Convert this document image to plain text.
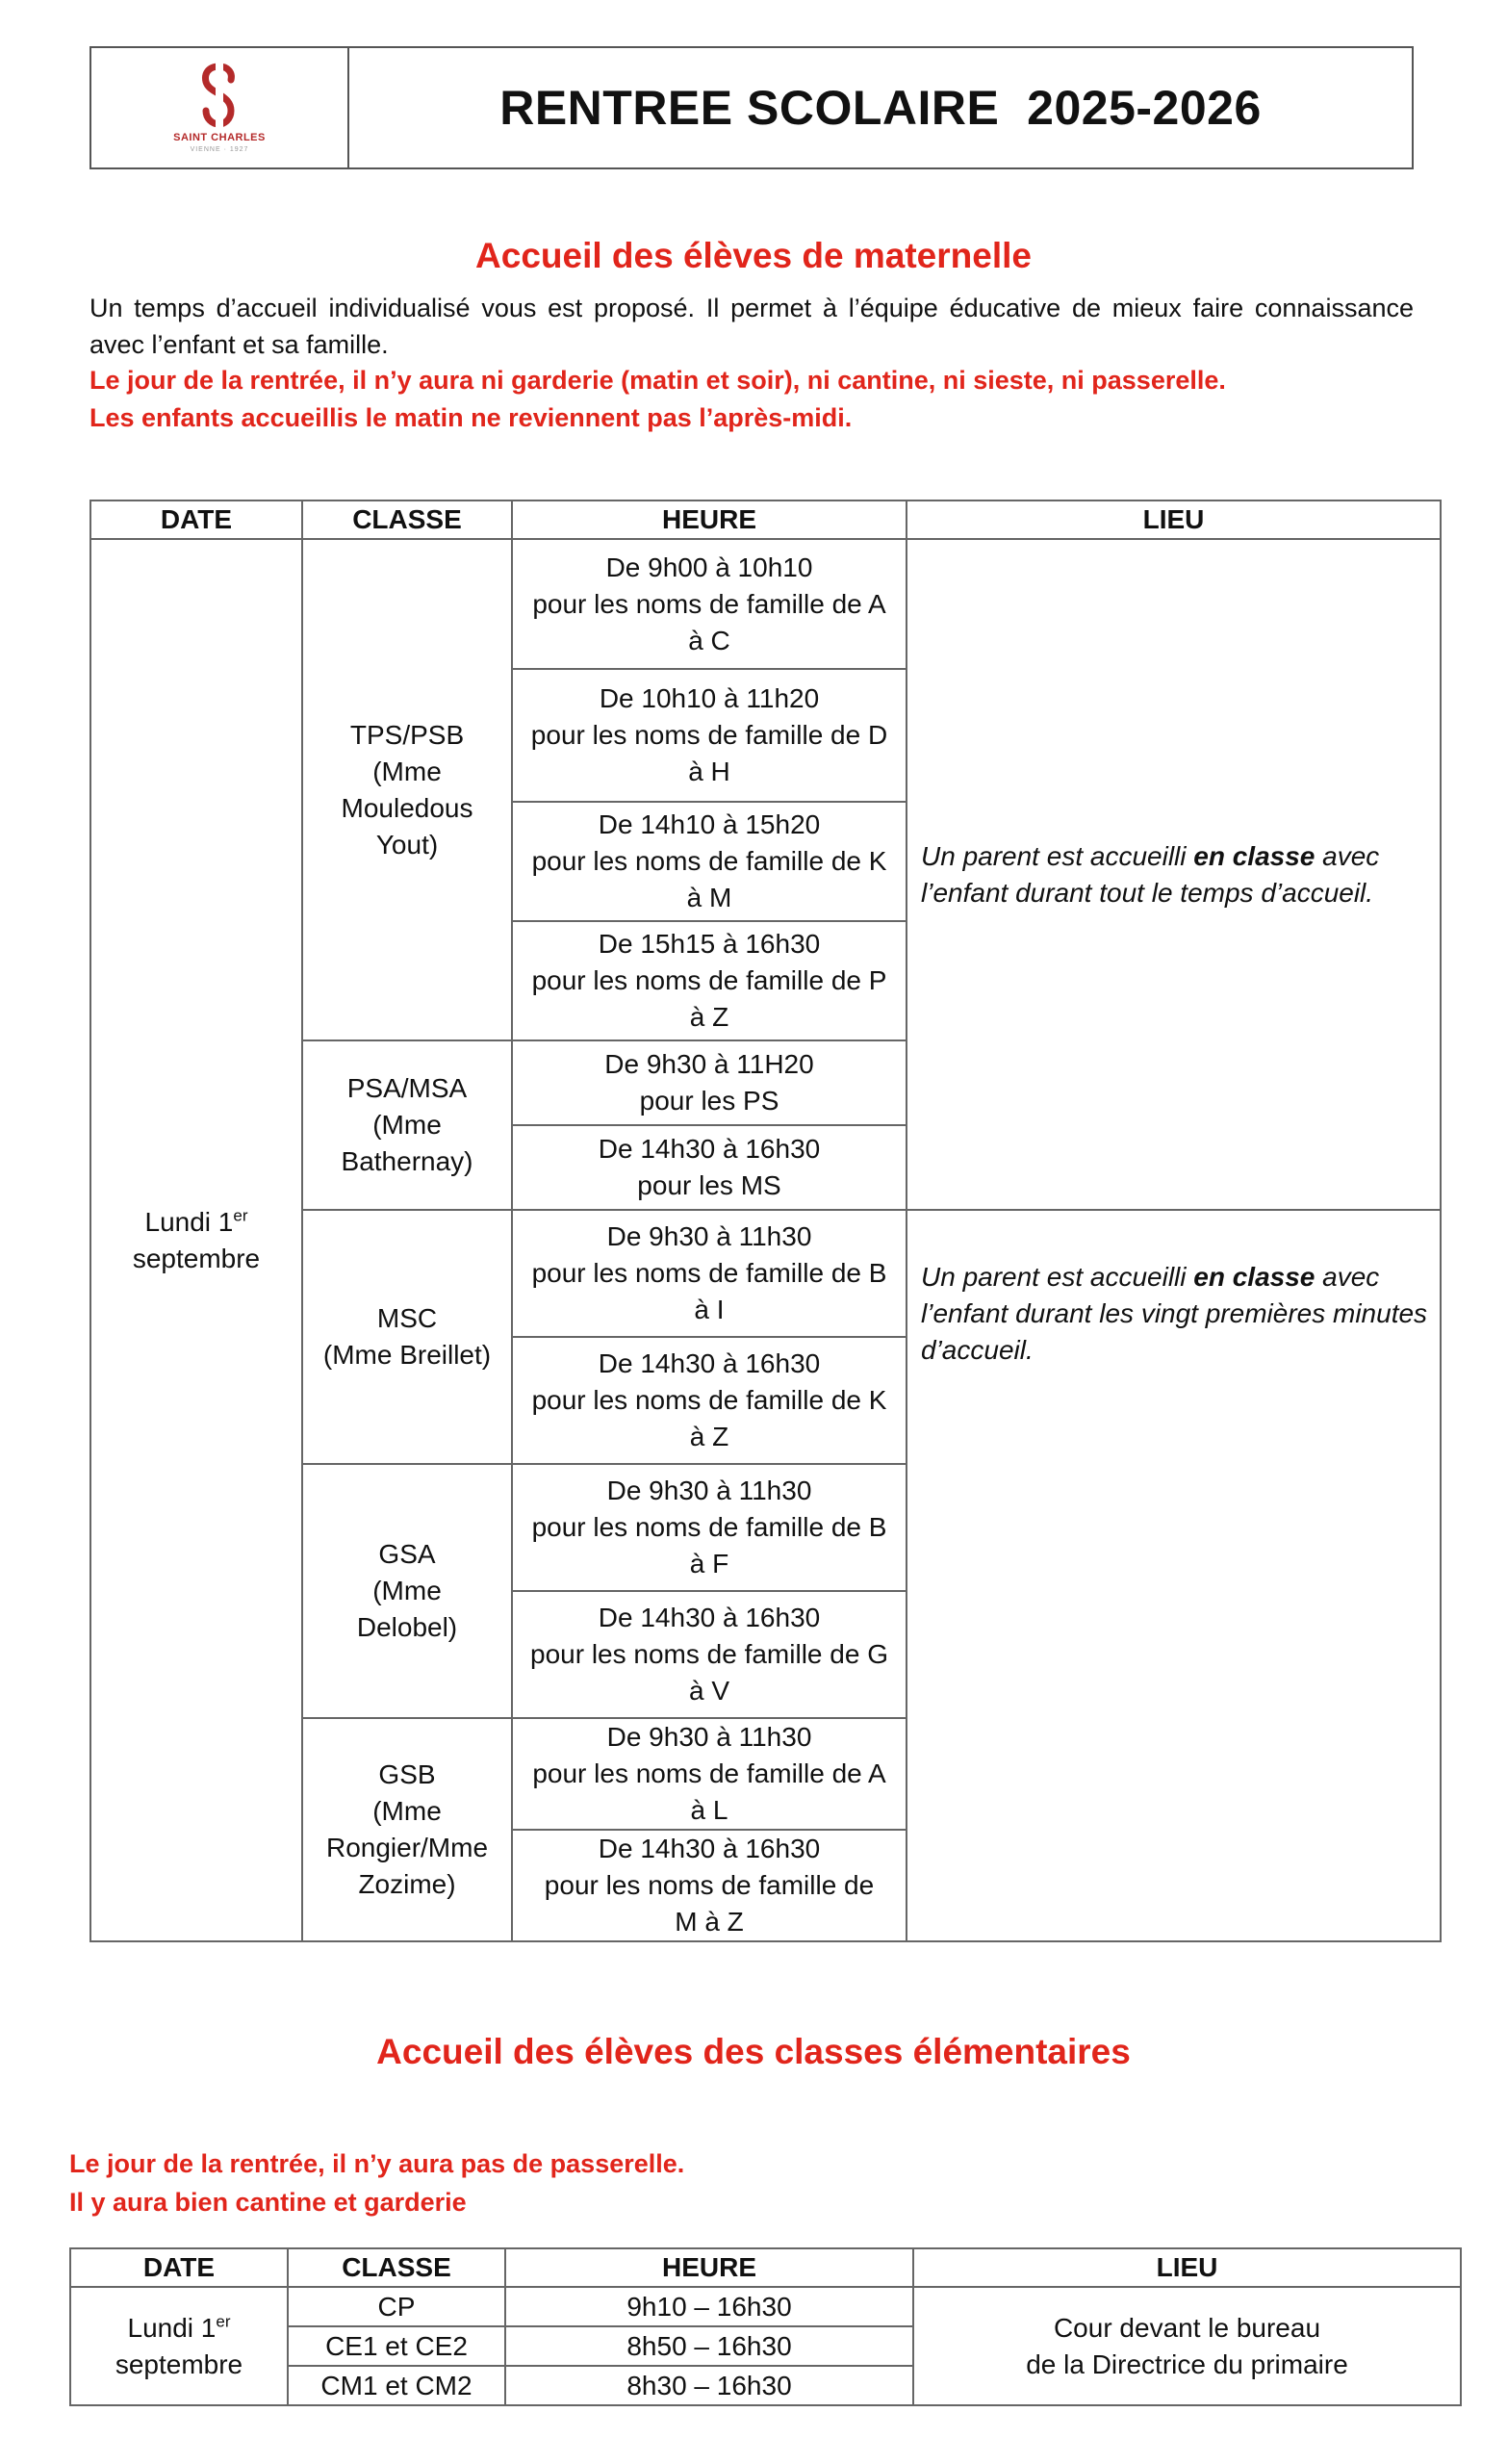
SAINT CHARLES
VIENNE · 1927
RENTREE SCOLAIRE  2025-2026
Accueil des élèves de maternelle
Un temps d’accueil individualisé vous est proposé. Il permet à l’équipe éducative de mieux faire connaissance avec l’enfant et sa famille.
Le jour de la rentrée, il n’y aura ni garderie (matin et soir), ni cantine, ni sieste, ni passerelle.
Les enfants accueillis le matin ne reviennent pas l’après-midi.
DATE	CLASSE	HEURE	LIEU
Lundi 1er
septembre	TPS/PSB
(Mme
Mouledous
Yout)	De 9h00 à 10h10
pour les noms de famille de A
à C	Un parent est accueilli en classe avec l’enfant durant tout le temps d’accueil.

		De 10h10 à 11h20
pour les noms de famille de D
à H	

		De 14h10 à 15h20
pour les noms de famille de K
à M	

		De 15h15 à 16h30
pour les noms de famille de P
à Z	

	PSA/MSA
(Mme
Bathernay)	De 9h30 à 11H20
pour les PS	

		De 14h30 à 16h30
pour les MS	

	MSC
(Mme Breillet)	De 9h30 à 11h30
pour les noms de famille de B
à I	Un parent est accueilli en classe avec l’enfant durant les vingt premières minutes d’accueil.

		De 14h30 à 16h30
pour les noms de famille de K
à Z	

	GSA
(Mme
Delobel)	De 9h30 à 11h30
pour les noms de famille de B
à F	

		De 14h30 à 16h30
pour les noms de famille de G
à V	

	GSB
(Mme
Rongier/Mme
Zozime)	De 9h30 à 11h30
pour les noms de famille de A
à L	

		De 14h30 à 16h30
pour les noms de famille de
M à Z	
Accueil des élèves des classes élémentaires
Le jour de la rentrée, il n’y aura pas de passerelle.
Il y aura bien cantine et garderie
DATE	CLASSE	HEURE	LIEU
Lundi 1er
septembre	CP	9h10 – 16h30	Cour devant le bureau
de la Directrice du primaire
	CE1 et CE2	8h50 – 16h30	
	CM1 et CM2	8h30 – 16h30	
